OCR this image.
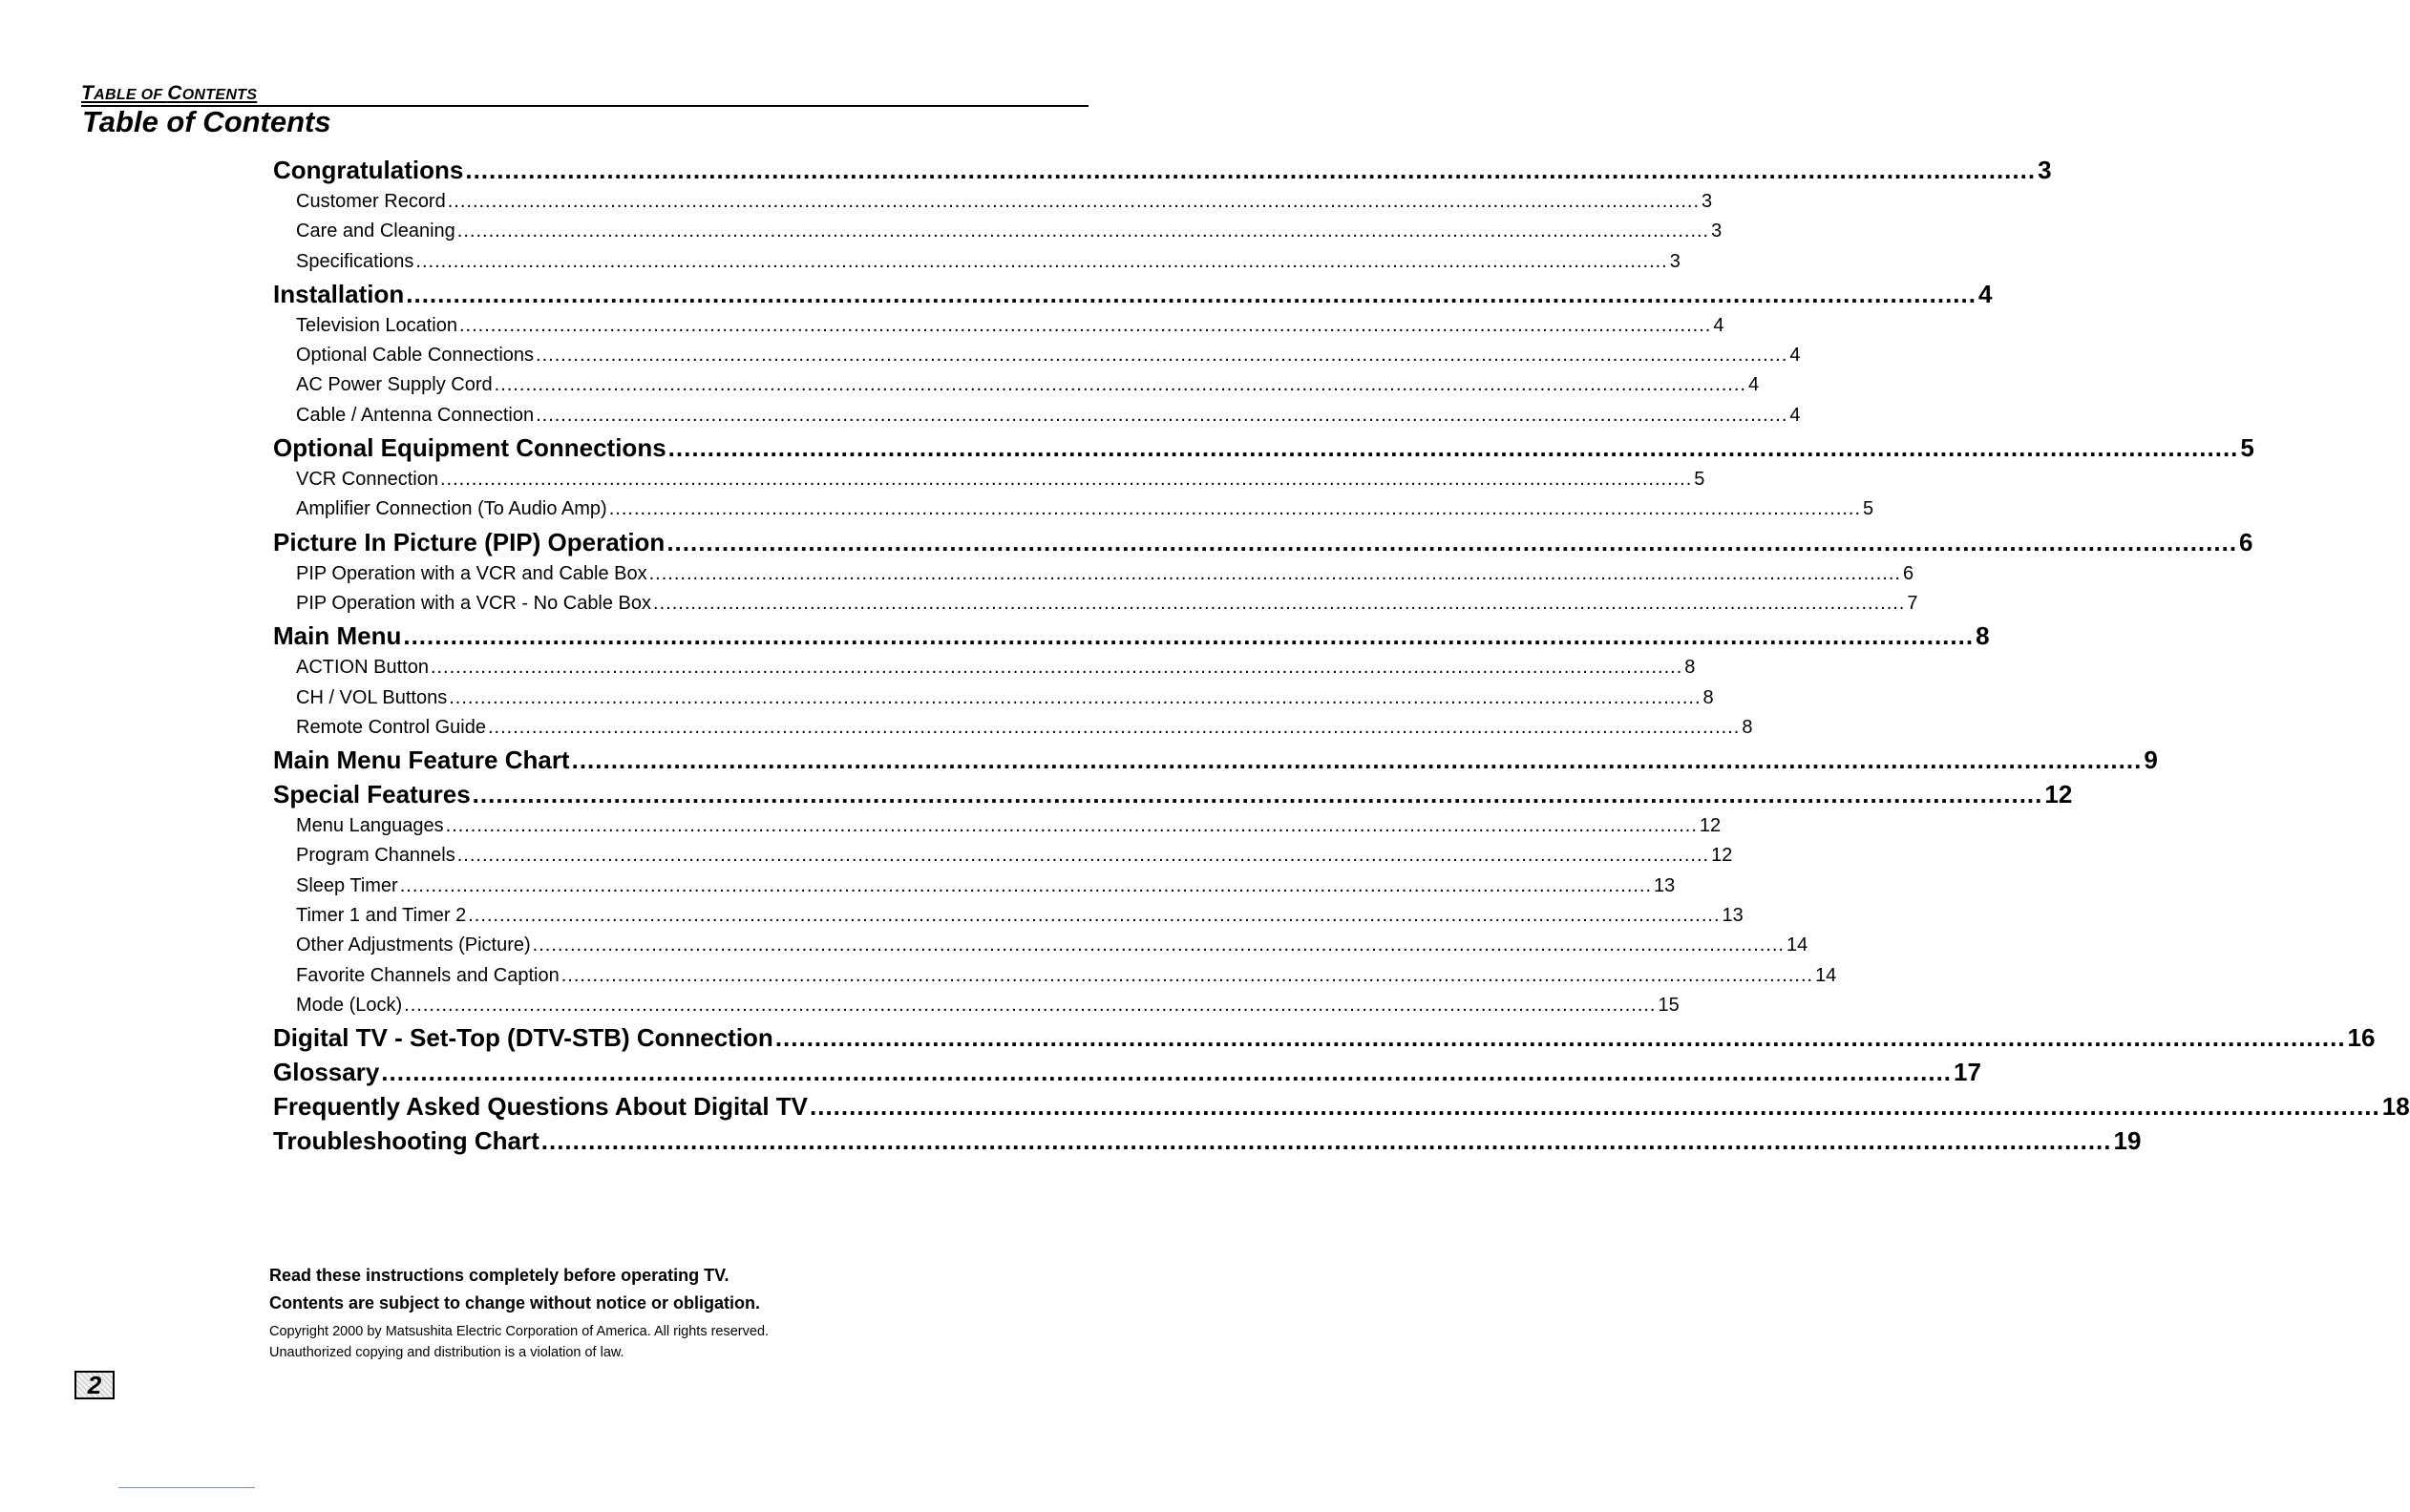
TABLE OF CONTENTS
Table of Contents
Congratulations ........................................................................................................................................................................................................ 3
Customer Record ........................................................................................................................................................................................................ 3
Care and Cleaning ........................................................................................................................................................................................................ 3
Specifications ........................................................................................................................................................................................................ 3
Installation ........................................................................................................................................................................................................ 4
Television Location ........................................................................................................................................................................................................ 4
Optional Cable Connections ........................................................................................................................................................................................................ 4
AC Power Supply Cord ........................................................................................................................................................................................................ 4
Cable / Antenna Connection ........................................................................................................................................................................................................ 4
Optional Equipment Connections ........................................................................................................................................................................................................ 5
VCR Connection ........................................................................................................................................................................................................ 5
Amplifier Connection (To Audio Amp) ........................................................................................................................................................................................................ 5
Picture In Picture (PIP) Operation ........................................................................................................................................................................................................ 6
PIP Operation with a VCR and Cable Box ........................................................................................................................................................................................................ 6
PIP Operation with a VCR - No Cable Box ........................................................................................................................................................................................................ 7
Main Menu ........................................................................................................................................................................................................ 8
ACTION Button ........................................................................................................................................................................................................ 8
CH / VOL Buttons ........................................................................................................................................................................................................ 8
Remote Control Guide ........................................................................................................................................................................................................ 8
Main Menu Feature Chart ........................................................................................................................................................................................................ 9
Special Features ........................................................................................................................................................................................................ 12
Menu Languages ........................................................................................................................................................................................................ 12
Program Channels ........................................................................................................................................................................................................ 12
Sleep Timer ........................................................................................................................................................................................................ 13
Timer 1 and Timer 2 ........................................................................................................................................................................................................ 13
Other Adjustments (Picture) ........................................................................................................................................................................................................ 14
Favorite Channels and Caption ........................................................................................................................................................................................................ 14
Mode (Lock) ........................................................................................................................................................................................................ 15
Digital TV - Set-Top (DTV-STB) Connection ........................................................................................................................................................................................................ 16
Glossary ........................................................................................................................................................................................................ 17
Frequently Asked Questions About Digital TV ........................................................................................................................................................................................................ 18
Troubleshooting Chart ........................................................................................................................................................................................................ 19
Read these instructions completely before operating TV.
Contents are subject to change without notice or obligation.
Copyright 2000 by Matsushita Electric Corporation of America. All rights reserved.
Unauthorized copying and distribution is a violation of law.
2
